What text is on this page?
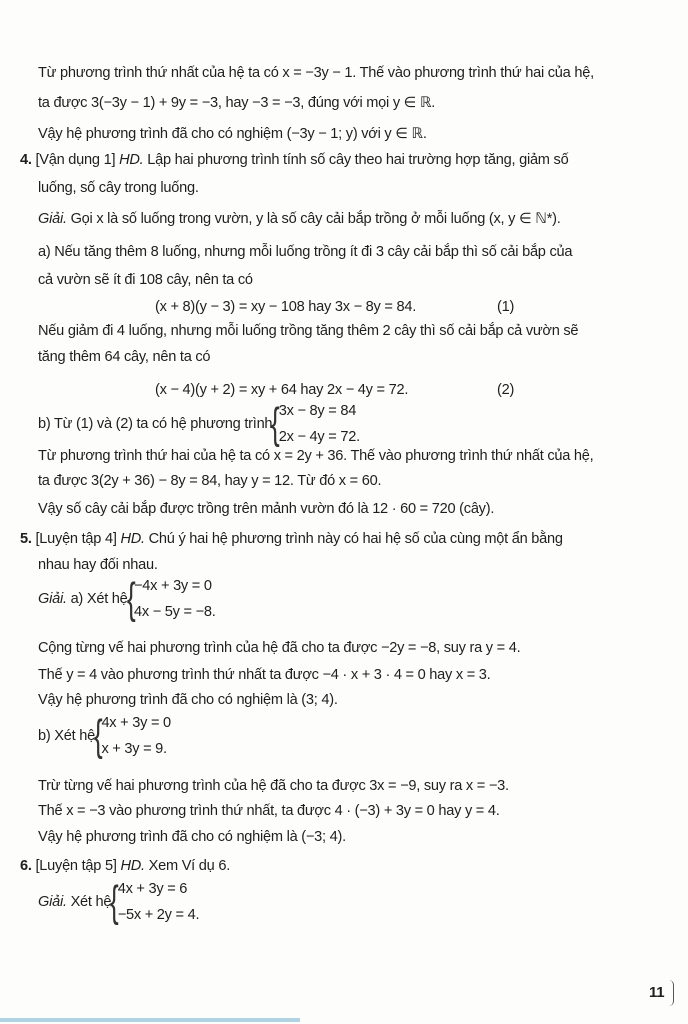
Từ phương trình thứ nhất của hệ ta có x = −3y − 1. Thế vào phương trình thứ hai của hệ,
ta được 3(−3y − 1) + 9y = −3, hay −3 = −3, đúng với mọi y ∈ ℝ.
Vậy hệ phương trình đã cho có nghiệm (−3y − 1; y) với y ∈ ℝ.
4. [Vận dụng 1] HD. Lập hai phương trình tính số cây theo hai trường hợp tăng, giảm số
luống, số cây trong luống.
Giải. Gọi x là số luống trong vườn, y là số cây cải bắp trồng ở mỗi luống (x, y ∈ ℕ*).
a) Nếu tăng thêm 8 luống, nhưng mỗi luống trồng ít đi 3 cây cải bắp thì số cải bắp của
cả vườn sẽ ít đi 108 cây, nên ta có
(x + 8)(y − 3) = xy − 108 hay 3x − 8y = 84.	(1)
Nếu giảm đi 4 luống, nhưng mỗi luống trồng tăng thêm 2 cây thì số cải bắp cả vườn sẽ
tăng thêm 64 cây, nên ta có
(x − 4)(y + 2) = xy + 64 hay 2x − 4y = 72.	(2)
b) Từ (1) và (2) ta có hệ phương trình
{
3x − 8y = 84
2x − 4y = 72.
Từ phương trình thứ hai của hệ ta có x = 2y + 36. Thế vào phương trình thứ nhất của hệ,
ta được 3(2y + 36) − 8y = 84, hay y = 12. Từ đó x = 60.
Vậy số cây cải bắp được trồng trên mảnh vườn đó là 12 · 60 = 720 (cây).
5. [Luyện tập 4] HD. Chú ý hai hệ phương trình này có hai hệ số của cùng một ẩn bằng
nhau hay đối nhau.
Giải. a) Xét hệ
{
−4x + 3y = 0
4x − 5y = −8.
Cộng từng vế hai phương trình của hệ đã cho ta được −2y = −8, suy ra y = 4.
Thế y = 4 vào phương trình thứ nhất ta được −4 · x + 3 · 4 = 0 hay x = 3.
Vậy hệ phương trình đã cho có nghiệm là (3; 4).
b) Xét hệ
{
4x + 3y = 0
x + 3y = 9.
Trừ từng vế hai phương trình của hệ đã cho ta được 3x = −9, suy ra x = −3.
Thế x = −3 vào phương trình thứ nhất, ta được 4 · (−3) + 3y = 0 hay y = 4.
Vậy hệ phương trình đã cho có nghiệm là (−3; 4).
6. [Luyện tập 5] HD. Xem Ví dụ 6.
Giải. Xét hệ
{
4x + 3y = 6
−5x + 2y = 4.
11
